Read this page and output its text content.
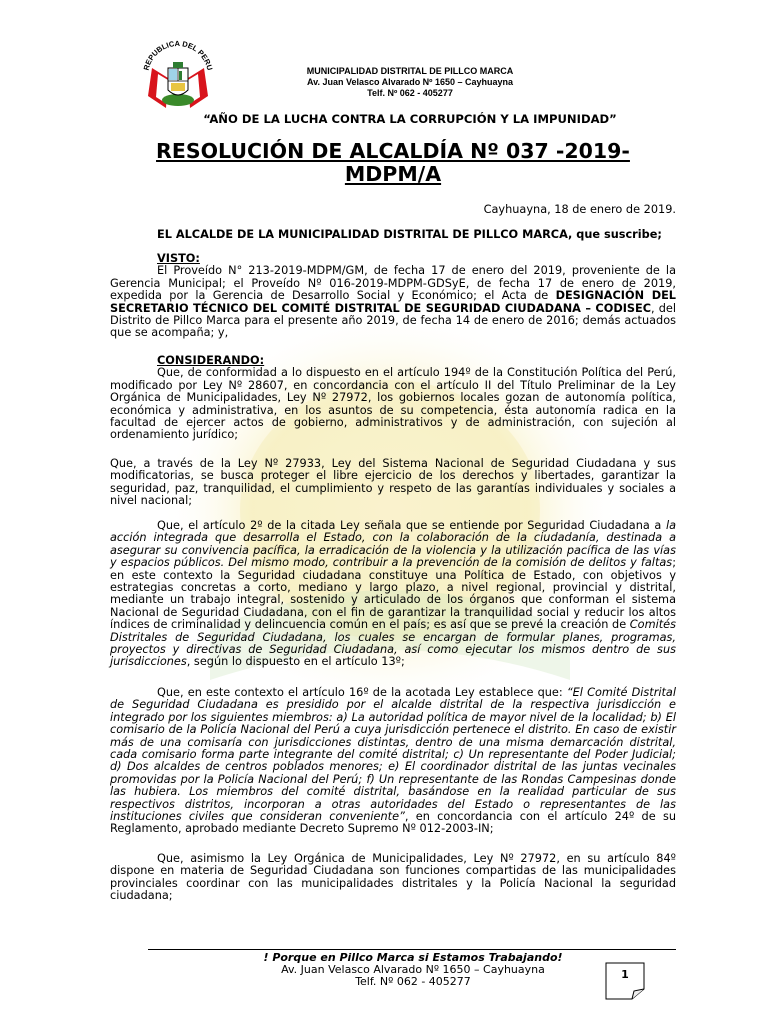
REPUBLICA DEL PERU	MUNICIPALIDAD DISTRITAL DE PILLCO MARCA
Av. Juan Velasco Alvarado Nº 1650 – Cayhuayna
Telf. Nº 062 - 405277
“AÑO DE LA LUCHA CONTRA LA CORRUPCIÓN Y LA IMPUNIDAD”
RESOLUCIÓN DE ALCALDÍA Nº 037 -2019-
MDPM/A
Cayhuayna, 18 de enero de 2019.
EL ALCALDE DE LA MUNICIPALIDAD DISTRITAL DE PILLCO MARCA, que suscribe;

VISTO:

El Proveído N° 213-2019-MDPM/GM, de fecha 17 de enero del 2019, proveniente de la Gerencia Municipal; el Proveído Nº 016-2019-MDPM-GDSyE, de fecha 17 de enero de 2019, expedida por la Gerencia de Desarrollo Social y Económico; el Acta de DESIGNACIÓN DEL SECRETARIO TÉCNICO DEL COMITÉ DISTRITAL DE SEGURIDAD CIUDADANA – CODISEC, del Distrito de Pillco Marca para el presente año 2019, de fecha 14 de enero de 2016; demás actuados que se acompaña; y,

CONSIDERANDO:

Que, de conformidad a lo dispuesto en el artículo 194º de la Constitución Política del Perú, modificado por Ley Nº 28607, en concordancia con el artículo II del Título Preliminar de la Ley Orgánica de Municipalidades, Ley Nº 27972, los gobiernos locales gozan de autonomía política, económica y administrativa, en los asuntos de su competencia, ésta autonomía radica en la facultad de ejercer actos de gobierno, administrativos y de administración, con sujeción al ordenamiento jurídico;

Que, a través de la Ley Nº 27933, Ley del Sistema Nacional de Seguridad Ciudadana y sus modificatorias, se busca proteger el libre ejercicio de los derechos y libertades, garantizar la seguridad, paz, tranquilidad, el cumplimiento y respeto de las garantías individuales y sociales a nivel nacional;

Que, el artículo 2º de la citada Ley señala que se entiende por Seguridad Ciudadana a la acción integrada que desarrolla el Estado, con la colaboración de la ciudadanía, destinada a asegurar su convivencia pacífica, la erradicación de la violencia y la utilización pacífica de las vías y espacios públicos. Del mismo modo, contribuir a la prevención de la comisión de delitos y faltas; en este contexto la Seguridad ciudadana constituye una Política de Estado, con objetivos y estrategias concretas a corto, mediano y largo plazo, a nivel regional, provincial y distrital, mediante un trabajo integral, sostenido y articulado de los órganos que conforman el sistema Nacional de Seguridad Ciudadana, con el fin de garantizar la tranquilidad social y reducir los altos índices de criminalidad y delincuencia común en el país; es así que se prevé la creación de Comités Distritales de Seguridad Ciudadana, los cuales se encargan de formular planes, programas, proyectos y directivas de Seguridad Ciudadana, así como ejecutar los mismos dentro de sus jurisdicciones, según lo dispuesto en el artículo 13º;

Que, en este contexto el artículo 16º de la acotada Ley establece que: “El Comité Distrital de Seguridad Ciudadana es presidido por el alcalde distrital de la respectiva jurisdicción e integrado por los siguientes miembros: a) La autoridad política de mayor nivel de la localidad; b) El comisario de la Policía Nacional del Perú a cuya jurisdicción pertenece el distrito. En caso de existir más de una comisaría con jurisdicciones distintas, dentro de una misma demarcación distrital, cada comisario forma parte integrante del comité distrital; c) Un representante del Poder Judicial; d) Dos alcaldes de centros poblados menores; e) El coordinador distrital de las juntas vecinales promovidas por la Policía Nacional del Perú; f) Un representante de las Rondas Campesinas donde las hubiera. Los miembros del comité distrital, basándose en la realidad particular de sus respectivos distritos, incorporan a otras autoridades del Estado o representantes de las instituciones civiles que consideran conveniente”, en concordancia con el artículo 24º de su Reglamento, aprobado mediante Decreto Supremo Nº 012-2003-IN;

Que, asimismo la Ley Orgánica de Municipalidades, Ley Nº 27972, en su artículo 84º dispone en materia de Seguridad Ciudadana son funciones compartidas de las municipalidades provinciales coordinar con las municipalidades distritales y la Policía Nacional la seguridad ciudadana;

! Porque en Pillco Marca si Estamos Trabajando!
Av. Juan Velasco Alvarado Nº 1650 – Cayhuayna
Telf. Nº 062 - 405277
1
